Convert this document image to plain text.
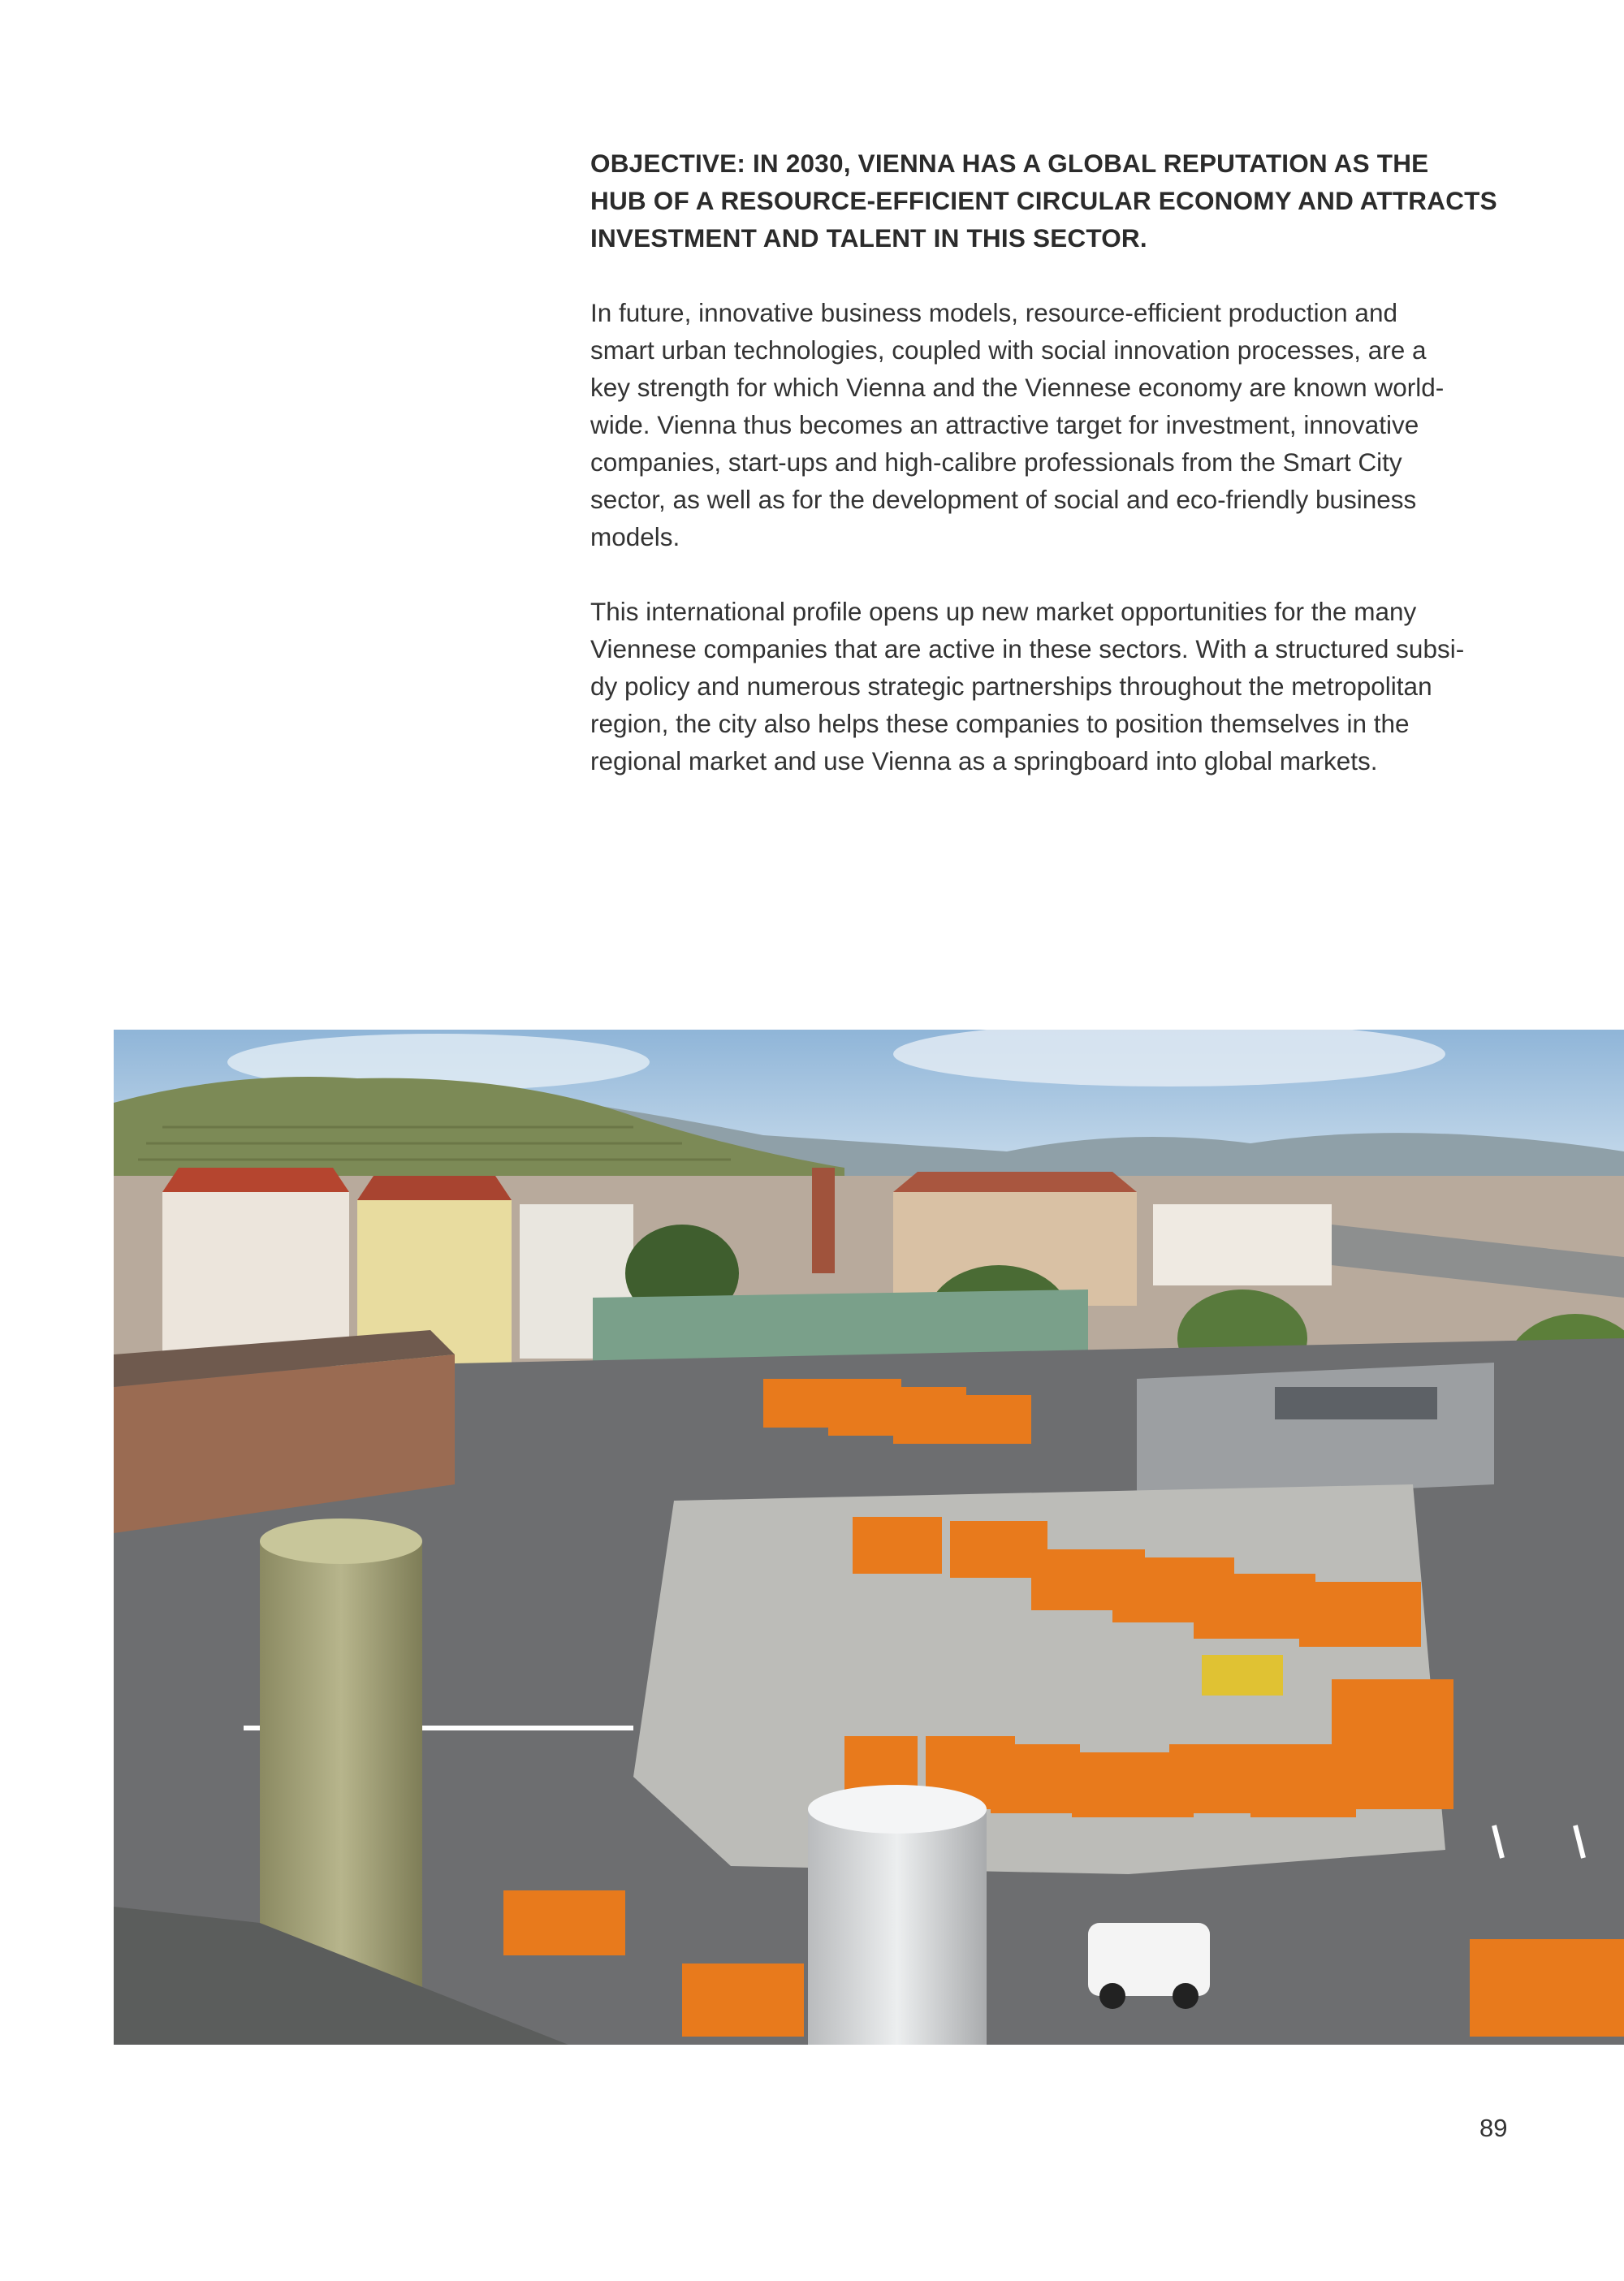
OBJECTIVE: IN 2030, VIENNA HAS A GLOBAL REPUTATION AS THE
HUB OF A RESOURCE-EFFICIENT CIRCULAR ECONOMY AND ATTRACTS
INVESTMENT AND TALENT IN THIS SECTOR.
In future, innovative business models, resource-efficient production and
smart urban technologies, coupled with social innovation processes, are a
key strength for which Vienna and the Viennese economy are known world-
wide. Vienna thus becomes an attractive target for investment, innovative
companies, start-ups and high-calibre professionals from the Smart City
sector, as well as for the development of social and eco-friendly business
models.
This international profile opens up new market opportunities for the many
Viennese companies that are active in these sectors. With a structured subsi-
dy policy and numerous strategic partnerships throughout the metropolitan
region, the city also helps these companies to position themselves in the
regional market and use Vienna as a springboard into global markets.
89
